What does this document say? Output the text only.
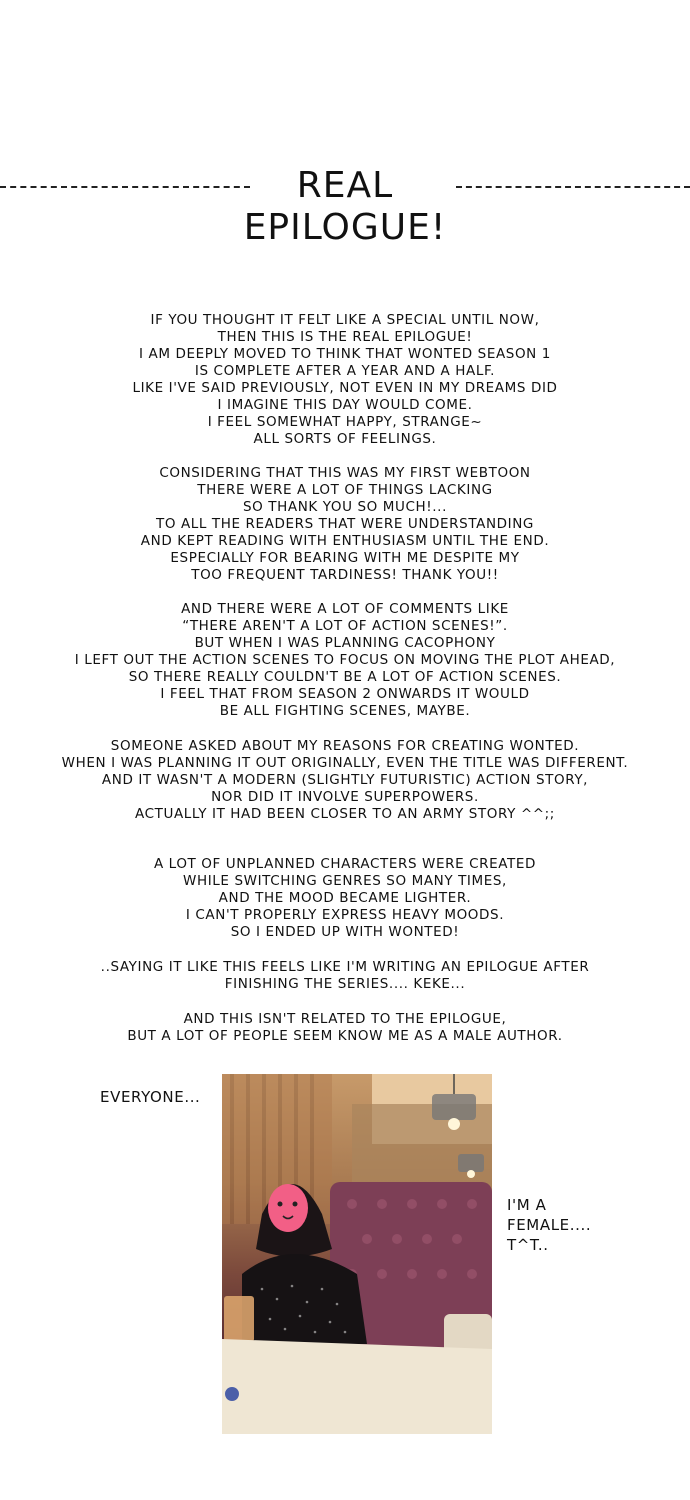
REAL
EPILOGUE!
IF YOU THOUGHT IT FELT LIKE A SPECIAL UNTIL NOW,
THEN THIS IS THE REAL EPILOGUE!
I AM DEEPLY MOVED TO THINK THAT WONTED SEASON 1
IS COMPLETE AFTER A YEAR AND A HALF.
LIKE I'VE SAID PREVIOUSLY, NOT EVEN IN MY DREAMS DID
I IMAGINE THIS DAY WOULD COME.
I FEEL SOMEWHAT HAPPY, STRANGE~
ALL SORTS OF FEELINGS.
CONSIDERING THAT THIS WAS MY FIRST WEBTOON
THERE WERE A LOT OF THINGS LACKING
SO THANK YOU SO MUCH!...
TO ALL THE READERS THAT WERE UNDERSTANDING
AND KEPT READING WITH ENTHUSIASM UNTIL THE END.
ESPECIALLY FOR BEARING WITH ME DESPITE MY
TOO FREQUENT TARDINESS! THANK YOU!!
AND THERE WERE A LOT OF COMMENTS LIKE
“THERE AREN'T A LOT OF ACTION SCENES!”.
BUT WHEN I WAS PLANNING CACOPHONY
I LEFT OUT THE ACTION SCENES TO FOCUS ON MOVING THE PLOT AHEAD,
SO THERE REALLY COULDN'T BE A LOT OF ACTION SCENES.
I FEEL THAT FROM SEASON 2 ONWARDS IT WOULD
BE ALL FIGHTING SCENES, MAYBE.
SOMEONE ASKED ABOUT MY REASONS FOR CREATING WONTED.
WHEN I WAS PLANNING IT OUT ORIGINALLY, EVEN THE TITLE WAS DIFFERENT.
AND IT WASN'T A MODERN (SLIGHTLY FUTURISTIC) ACTION STORY,
NOR DID IT INVOLVE SUPERPOWERS.
ACTUALLY IT HAD BEEN CLOSER TO AN ARMY STORY ^^;;
A LOT OF UNPLANNED CHARACTERS WERE CREATED
WHILE SWITCHING GENRES SO MANY TIMES,
AND THE MOOD BECAME LIGHTER.
I CAN'T PROPERLY EXPRESS HEAVY MOODS.
SO I ENDED UP WITH WONTED!
..SAYING IT LIKE THIS FEELS LIKE I'M WRITING AN EPILOGUE AFTER
FINISHING THE SERIES.... KEKE...
AND THIS ISN'T RELATED TO THE EPILOGUE,
BUT A LOT OF PEOPLE SEEM KNOW ME AS A MALE AUTHOR.
EVERYONE...
I'M A
FEMALE....
T^T..
